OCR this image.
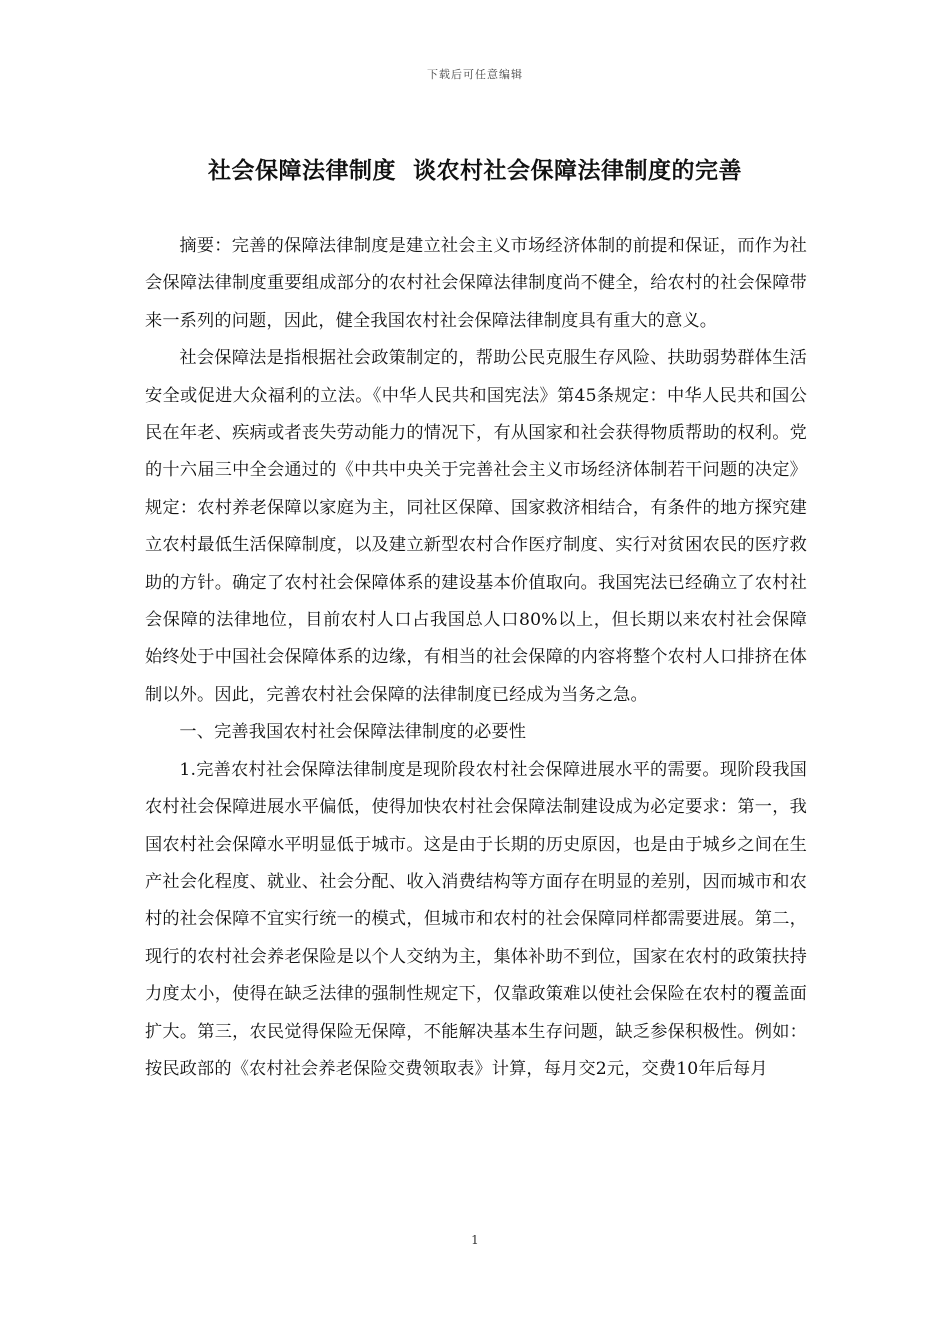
下载后可任意编辑
社会保障法律制度  谈农村社会保障法律制度的完善

摘要：完善的保障法律制度是建立社会主义市场经济体制的前提和保证，而作为社会保障法律制度重要组成部分的农村社会保障法律制度尚不健全，给农村的社会保障带来一系列的问题，因此，健全我国农村社会保障法律制度具有重大的意义。

社会保障法是指根据社会政策制定的，帮助公民克服生存风险、扶助弱势群体生活安全或促进大众福利的立法。《中华人民共和国宪法》第45条规定：中华人民共和国公民在年老、疾病或者丧失劳动能力的情况下，有从国家和社会获得物质帮助的权利。党的十六届三中全会通过的《中共中央关于完善社会主义市场经济体制若干问题的决定》规定：农村养老保障以家庭为主，同社区保障、国家救济相结合，有条件的地方探究建立农村最低生活保障制度，以及建立新型农村合作医疗制度、实行对贫困农民的医疗救助的方针。确定了农村社会保障体系的建设基本价值取向。我国宪法已经确立了农村社会保障的法律地位，目前农村人口占我国总人口80%以上，但长期以来农村社会保障始终处于中国社会保障体系的边缘，有相当的社会保障的内容将整个农村人口排挤在体制以外。因此，完善农村社会保障的法律制度已经成为当务之急。

一、完善我国农村社会保障法律制度的必要性

1.完善农村社会保障法律制度是现阶段农村社会保障进展水平的需要。现阶段我国农村社会保障进展水平偏低，使得加快农村社会保障法制建设成为必定要求：第一，我国农村社会保障水平明显低于城市。这是由于长期的历史原因，也是由于城乡之间在生产社会化程度、就业、社会分配、收入消费结构等方面存在明显的差别，因而城市和农村的社会保障不宜实行统一的模式，但城市和农村的社会保障同样都需要进展。第二，现行的农村社会养老保险是以个人交纳为主，集体补助不到位，国家在农村的政策扶持力度太小，使得在缺乏法律的强制性规定下，仅靠政策难以使社会保险在农村的覆盖面扩大。第三，农民觉得保险无保障，不能解决基本生存问题，缺乏参保积极性。例如：按民政部的《农村社会养老保险交费领取表》计算，每月交2元，交费10年后每月

1
